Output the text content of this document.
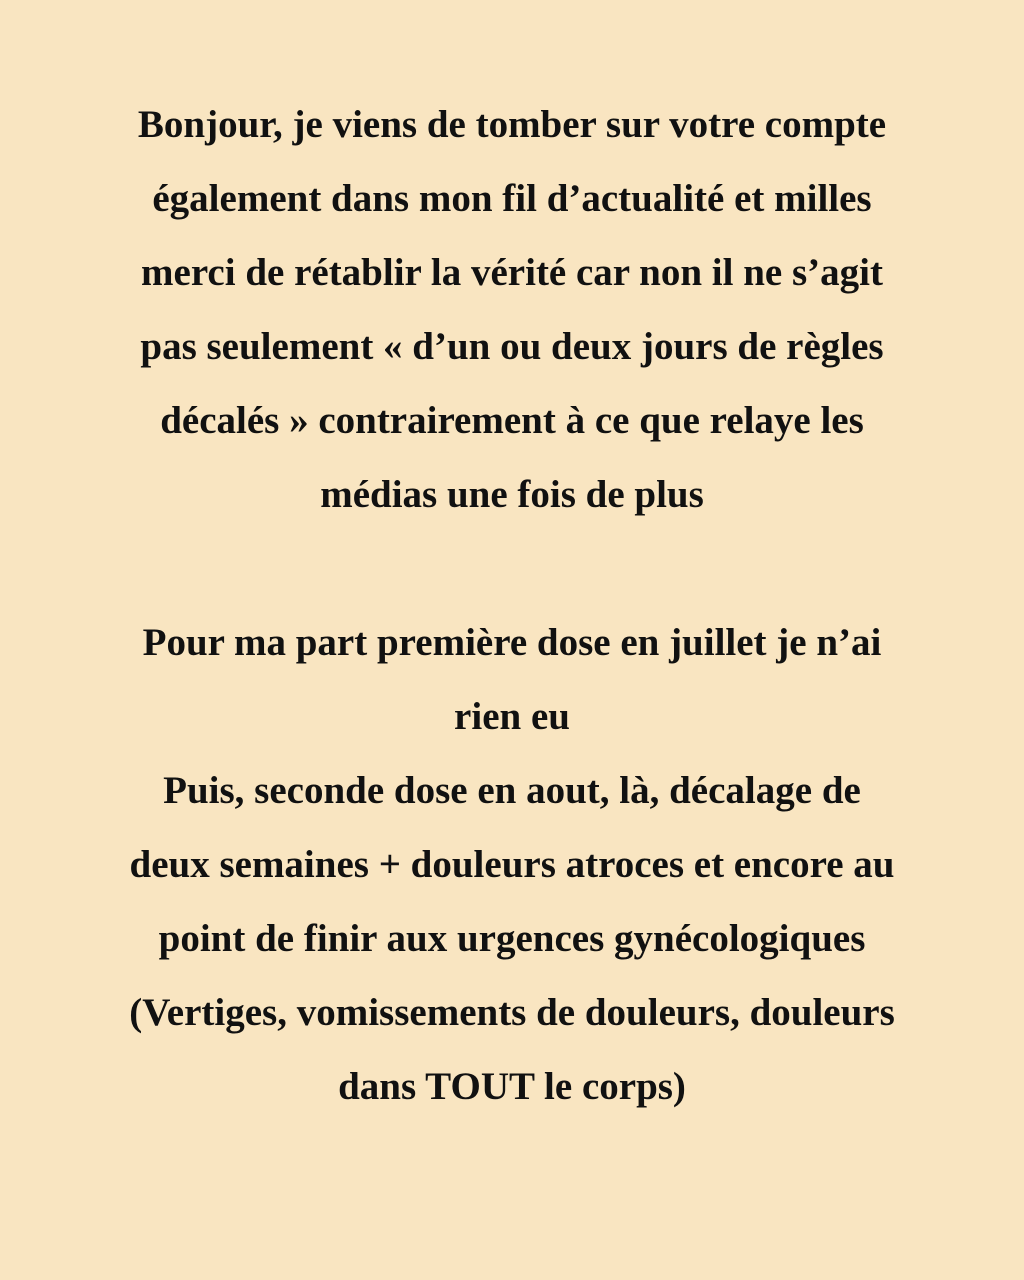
Bonjour, je viens de tomber sur votre compte
également dans mon fil d’actualité et milles
merci de rétablir la vérité car non il ne s’agit
pas seulement « d’un ou deux jours de règles
décalés » contrairement à ce que relaye les
médias une fois de plus
Pour ma part première dose en juillet je n’ai
rien eu
Puis, seconde dose en aout, là, décalage de
deux semaines + douleurs atroces et encore au
point de finir aux urgences gynécologiques
(Vertiges, vomissements de douleurs, douleurs
dans TOUT le corps)
